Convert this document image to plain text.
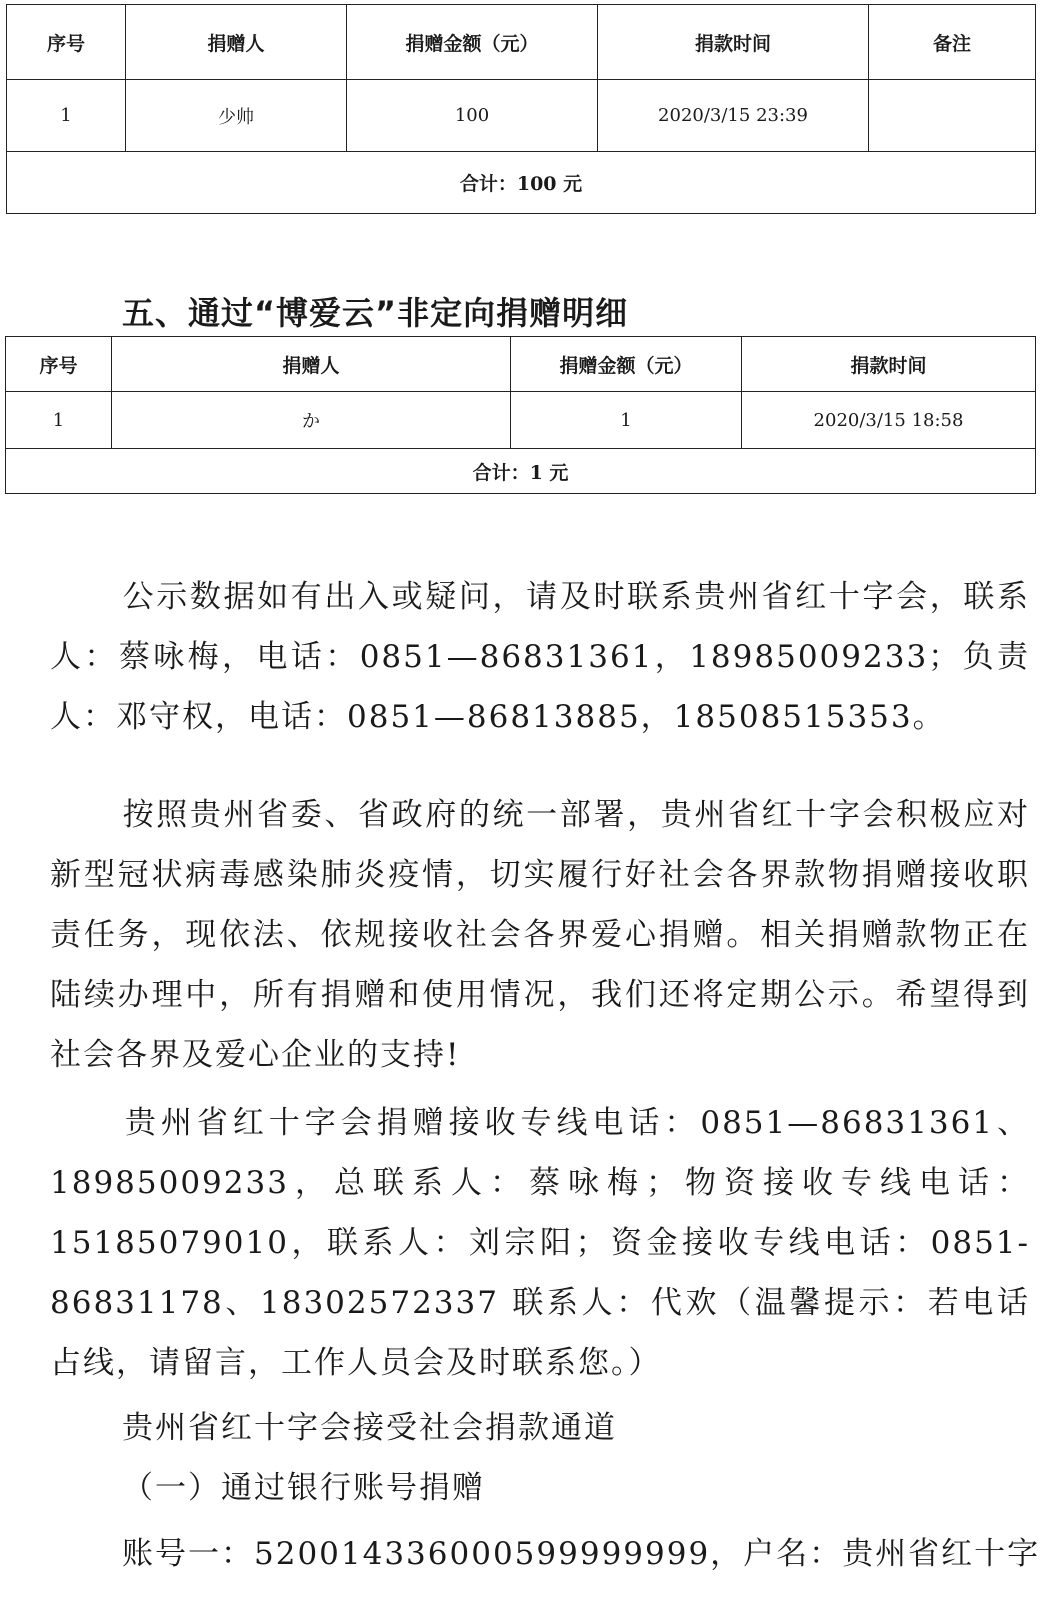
序号	捐赠人	捐赠金额（元）	捐款时间	备注
1	少帅	100	2020/3/15 23:39	
合计：100 元				
五、通过“博爱云”非定向捐赠明细
序号	捐赠人	捐赠金额（元）	捐款时间
1	か	1	2020/3/15 18:58
合计：1 元			

公示数据如有出入或疑问，请及时联系贵州省红十字会，联系人：蔡咏梅，电话：0851—86831361，18985009233；负责人：邓守权，电话：0851—86813885，18508515353。

按照贵州省委、省政府的统一部署，贵州省红十字会积极应对新型冠状病毒感染肺炎疫情，切实履行好社会各界款物捐赠接收职责任务，现依法、依规接收社会各界爱心捐赠。相关捐赠款物正在陆续办理中，所有捐赠和使用情况，我们还将定期公示。希望得到社会各界及爱心企业的支持!

贵州省红十字会捐赠接收专线电话：0851—86831361、18985009233，总联系人：蔡咏梅；物资接收专线电话：15185079010，联系人：刘宗阳；资金接收专线电话：0851-86831178、18302572337 联系人：代欢（温馨提示：若电话占线，请留言，工作人员会及时联系您。）

贵州省红十字会接受社会捐款通道

（一）通过银行账号捐赠

账号一：520014336000599999999，户名：贵州省红十字
